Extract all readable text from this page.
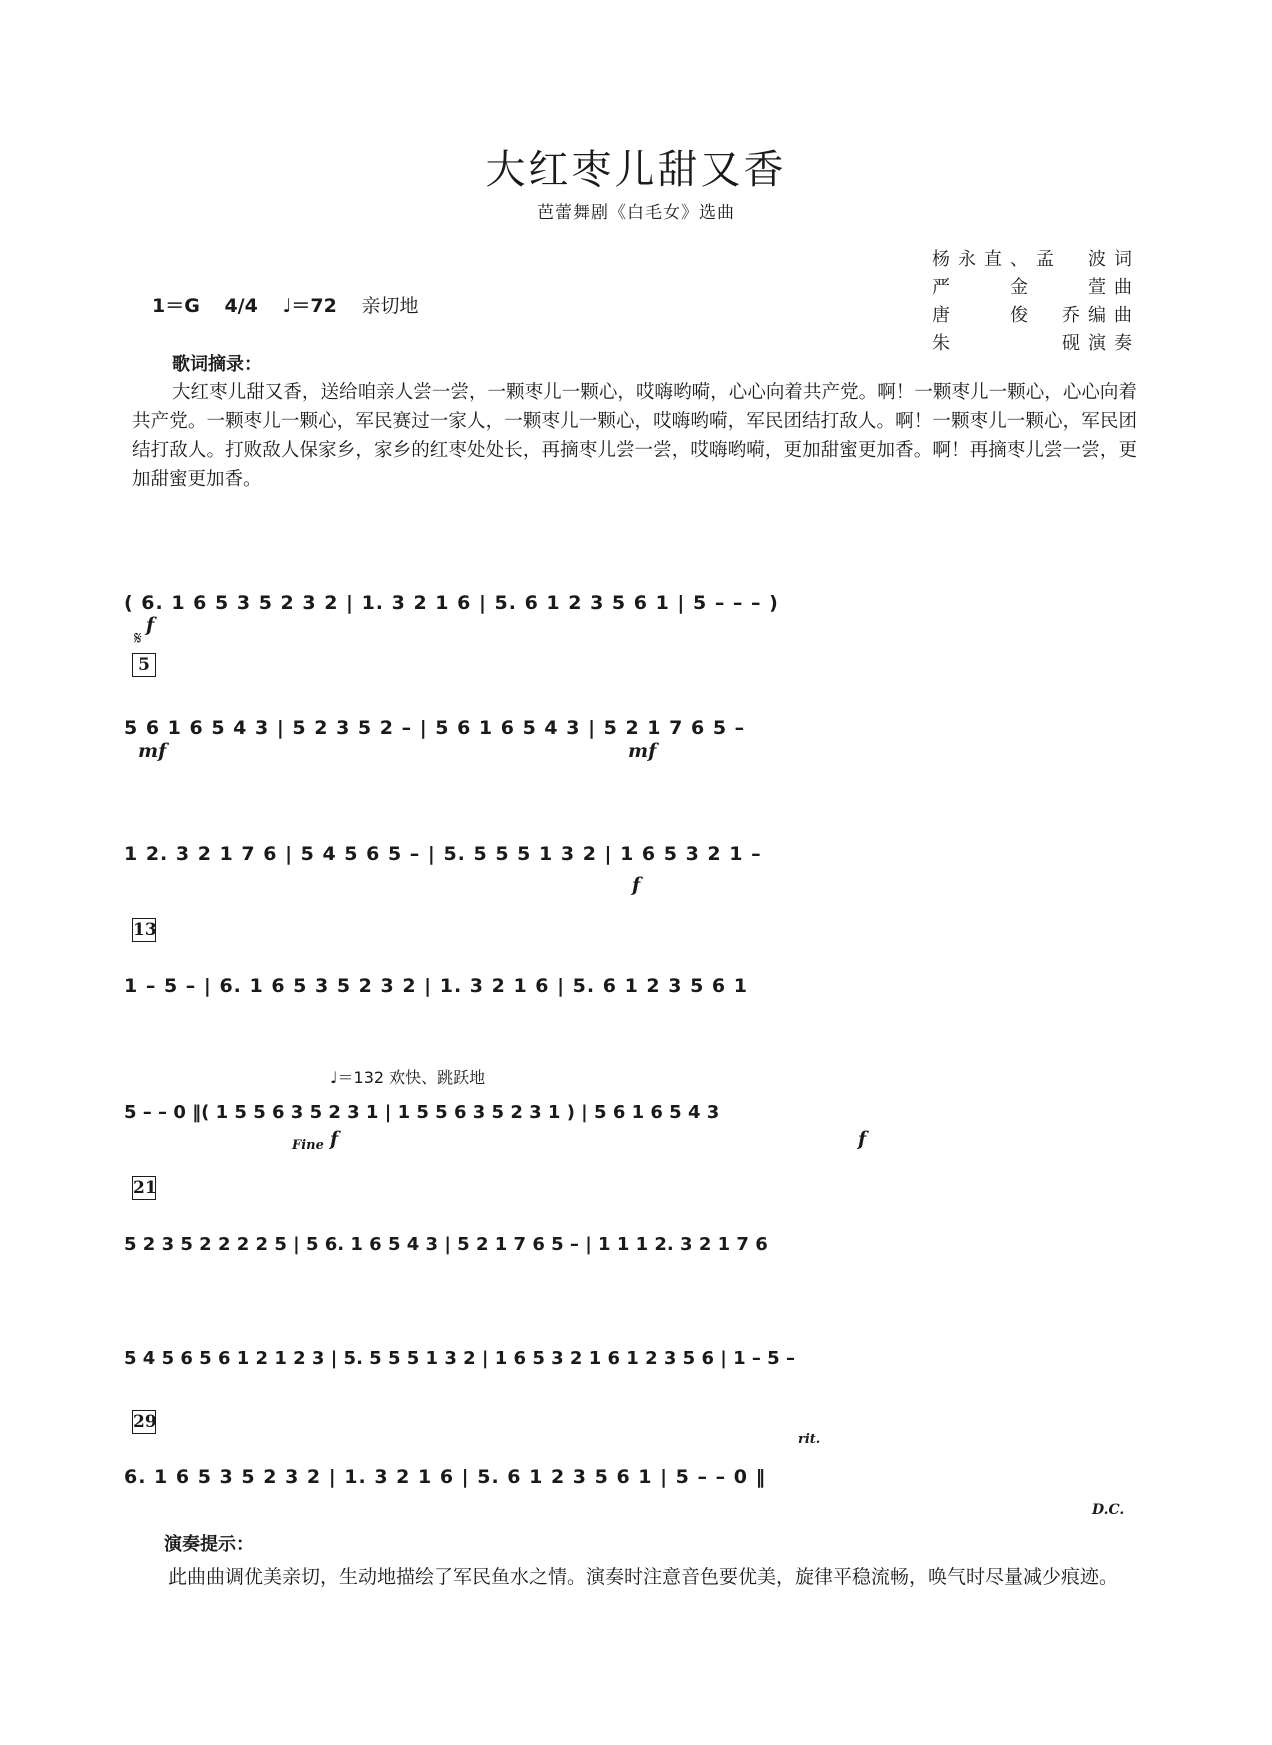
大红枣儿甜又香
芭蕾舞剧《白毛女》选曲
杨永直、孟　波词
严　　金　　萱曲
唐　　俊　乔编曲
朱　　　　砚演奏
1＝G 4/4 ♩＝72 亲切地
歌词摘录：
大红枣儿甜又香，送给咱亲人尝一尝，一颗枣儿一颗心，哎嗨哟嗬，心心向着共产党。啊！一颗枣儿一颗心，心心向着共产党。一颗枣儿一颗心，军民赛过一家人，一颗枣儿一颗心，哎嗨哟嗬，军民团结打敌人。啊！一颗枣儿一颗心，军民团结打敌人。打败敌人保家乡，家乡的红枣处处长，再摘枣儿尝一尝，哎嗨哟嗬，更加甜蜜更加香。啊！再摘枣儿尝一尝，更加甜蜜更加香。
( 6. 1 6 5 3 5 2 3 2 | 1. 3 2 1 6 | 5. 6 1 2 3 5 6 1 | 5 – – – )
f
𝄋
5
5 6 1 6 5 4 3 | 5 2 3 5 2 – | 5 6 1 6 5 4 3 | 5 2 1 7 6 5 –
mf	mf
1 2. 3 2 1 7 6 | 5 4 5 6 5 – | 5. 5 5 5 1 3 2 | 1 6 5 3 2 1 –
f
13
1 – 5 – | 6. 1 6 5 3 5 2 3 2 | 1. 3 2 1 6 | 5. 6 1 2 3 5 6 1
♩＝132 欢快、跳跃地
5 – – 0 ‖( 1 5 5 6 3 5 2 3 1 | 1 5 5 6 3 5 2 3 1 ) | 5 6 1 6 5 4 3
Fine f	f
21
5 2 3 5 2 2 2 2 5 | 5 6. 1 6 5 4 3 | 5 2 1 7 6 5 – | 1 1 1 2. 3 2 1 7 6
5 4 5 6 5 6 1 2 1 2 3 | 5. 5 5 5 1 3 2 | 1 6 5 3 2 1 6 1 2 3 5 6 | 1 – 5 –
29
6. 1 6 5 3 5 2 3 2 | 1. 3 2 1 6 | 5. 6 1 2 3 5 6 1 | 5 – – 0 ‖
rit.
D.C.
演奏提示：
此曲曲调优美亲切，生动地描绘了军民鱼水之情。演奏时注意音色要优美，旋律平稳流畅，唤气时尽量减少痕迹。
